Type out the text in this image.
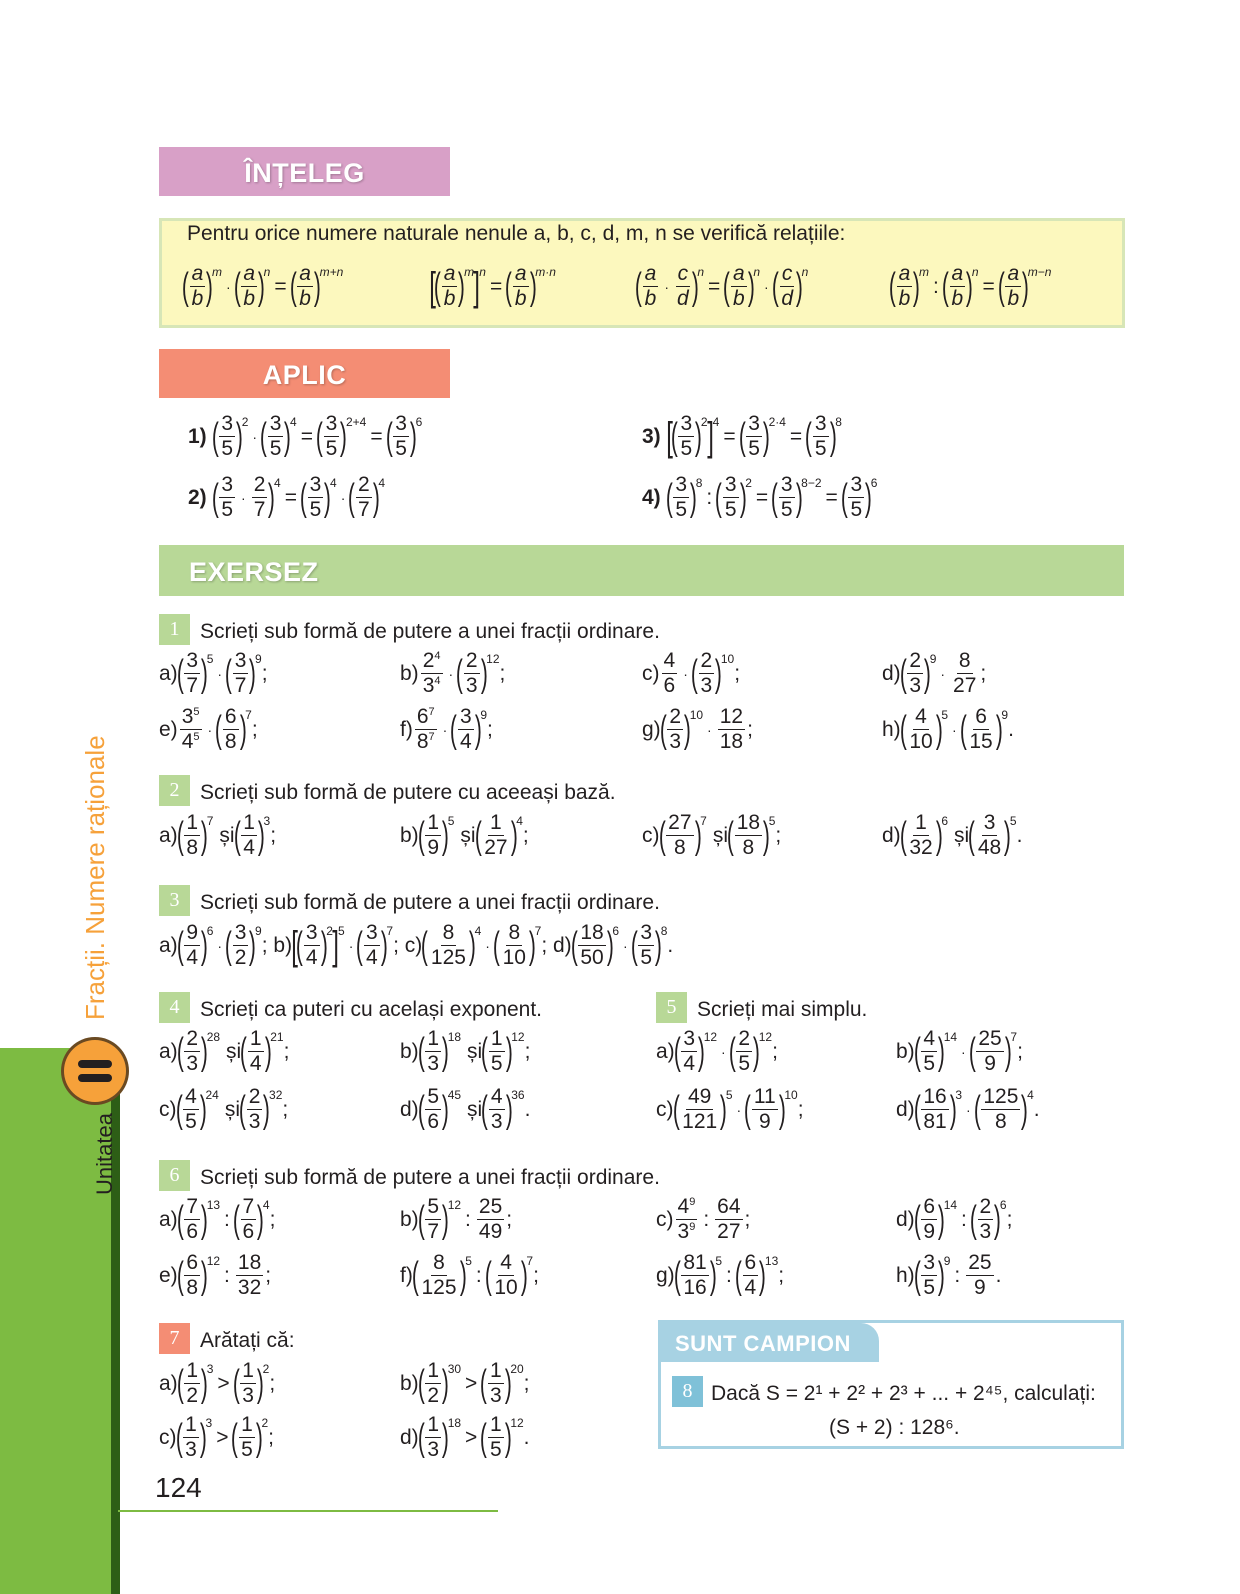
ÎNȚELEG
Pentru orice numere naturale nenule a, b, c, d, m, n se verifică relațiile:
( a
b )
m
· ( a
b )
n
= ( a
b )
m+n [
( a
b )
m ] n
= ( a
b )
m·n ( a
b
·
c
d )
n
= ( a
b )
n
· ( c
d )
n ( a
b )
m
: ( a
b )
n
= ( a
b )
m−n
APLIC
1) ( 3
5 )
2
· ( 3
5 )
4
= ( 3
5 )
2+4
= ( 3
5 )
6
2) ( 3
5
·
2
7 )
4
= ( 3
5 )
4
· ( 2
7 )
4
3) [
( 3
5 )
2 ] 4
= ( 3
5 )
2·4
= ( 3
5 )
8
4) ( 3
5 )
8
: ( 3
5 )
2
= ( 3
5 )
8−2
= ( 3
5 )
6
EXERSEZ
1 Scrieți sub formă de putere a unei fracții ordinare.
a)
( 3
7 )
5
· ( 3
7 )
9
;	b)
$2^4$
$3^4$ · ( 2
3 )
12
;	c)
4
6
· ( 2
3 )
10
;	d)
( 2
3 )
9
·
8
27
;
e)
$3^5$
$4^5$ · ( 6
8 )
7
;	f)
$6^7$
$8^7$ · ( 3
4 )
9
;	g)
( 2
3 )
10
·
12
18
;	h)
( 4
10 )
5
· ( 6
15 )
9
.
2 Scrieți sub formă de putere cu aceeași bază.
a)
( 1
8 )
7
și
( 1
4 )
3
;	b)
( 1
9 )
5
și
( 1
27 )
4
;	c)
( 27
8 )
7
și
( 18
8 )
5
;	d)
( 1
32 )
6
și
( 3
48 )
5
.
3 Scrieți sub formă de putere a unei fracții ordinare.
a)
( 9
4 )
6
· ( 3
2 )
9
; b) [
( 3
4 )
2 ] 5
· ( 3
4 )
7
; c)
( 8
125 )
4
· ( 8
10 )
7
; d)
( 18
50 )
6
· ( 3
5 )
8
.
4 Scrieți ca puteri cu același exponent.
a)
( 2
3 )
28
și
( 1
4 )
21
;	b)
( 1
3 )
18
și
( 1
5 )
12
;
c)
( 4
5 )
24
și
( 2
3 )
32
;	d)
( 5
6 )
45
și
( 4
3 )
36
.
5 Scrieți mai simplu.
a)
( 3
4 )
12
· ( 2
5 )
12
;	b)
( 4
5 )
14
· ( 25
9 )
7
;
c)
( 49
121 )
5
· ( 11
9 )
10
;	d)
( 16
81 )
3
· ( 125
8 )
4
.
6 Scrieți sub formă de putere a unei fracții ordinare.
a)
( 7
6 )
13
: ( 7
6 )
4
;	b)
( 5
7 )
12
:
25
49
;	c)
$4^9$
$3^9$ :
64
27
;	d)
( 6
9 )
14
: ( 2
3 )
6
;
e)
( 6
8 )
12
:
18
32
;	f)
( 8
125 )
5
: ( 4
10 )
7
;	g)
( 81
16 )
5
: ( 6
4 )
13
;	h)
( 3
5 )
9
:
25
9
.
7 Arătați că:
a)
( 1
2 )
3
> ( 1
3 )
2
;	b)
( 1
2 )
30
> ( 1
3 )
20
;
c)
( 1
3 )
3
> ( 1
5 )
2
;	d)
( 1
3 )
18
> ( 1
5 )
12
.
SUNT CAMPION
8 Dacă S = 2¹ + 2² + 2³ + ... + 2⁴⁵, calculați:
(S + 2) : 128⁶.
Fracții. Numere raționale
Unitatea
124
